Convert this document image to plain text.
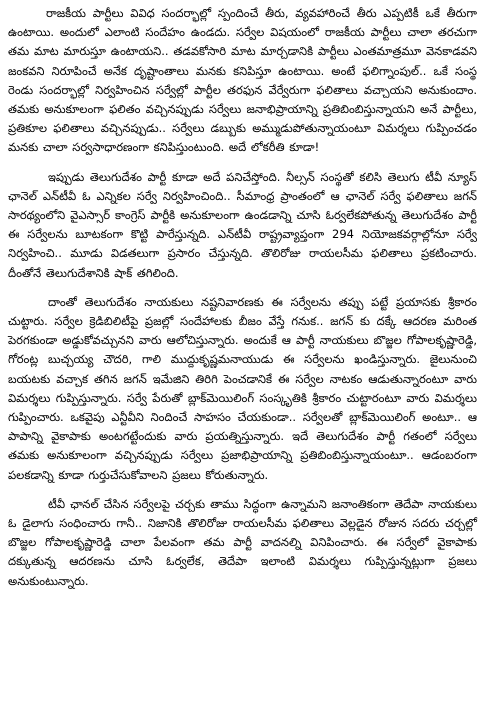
రాజకీయ పార్టీలు వివిధ సందర్భాల్లో స్పందించే తీరు, వ్యవహారించే తీరు ఎప్పటికీ ఒకే తీరుగా ఉంటాయి. అందులో ఎలాంటి సందేహం ఉండదు. సర్వేల విషయంలో రాజకీయ పార్టీలు చాలా తరచుగా తమ మాట మారుస్తూ ఉంటాయని.. తడవకోసారి మాట మార్చడానికి పార్టీలు ఎంతమాత్రమూ వెనకాడవని జంకవని నిరూపించే అనేక దృష్టాంతాలు మనకు కనిపిస్తూ ఉంటాయి. అంటే ఫలిగ్నాంపుల్.. ఒకే సంస్థ రెండు సందర్భాల్లో నిర్వహించిన సర్వేల్లో పార్టీల తరఫున వేర్వేరుగా ఫలితాలు వచ్చాయని అనుకుందాం. తమకు అనుకూలంగా ఫలితం వచ్చినప్పుడు సర్వేలు జనాభిప్రాయాన్ని ప్రతిబింబిస్తున్నాయని అనే పార్టీలు, ప్రతికూల ఫలితాలు వచ్చినప్పుడు.. సర్వేలు డబ్బుకు అమ్ముడుపోతున్నాయంటూ విమర్శలు గుప్పించడం మనకు చాలా సర్వసాధారణంగా కనిపిస్తుంటుంది. అదే లోకరీతి కూడా!

ఇప్పుడు తెలుగుదేశం పార్టీ కూడా అదే పనిచేస్తోంది. నీల్సన్ సంస్థతో కలిసి తెలుగు టీవీ న్యూస్ ఛానెల్ ఎన్‌టీవీ ఓ ఎన్నికల సర్వే నిర్వహించింది.. సీమాంధ్ర ప్రాంతంలో ఆ ఛానెల్ సర్వే ఫలితాలు జగన్ సారథ్యంలోని వైఎస్సార్ కాంగ్రెస్ పార్టీకి అనుకూలంగా ఉండడాన్ని చూసి ఓర్వలేకపోతున్న తెలుగుదేశం పార్టీ ఈ సర్వేలను బూటకంగా కొట్టి పారేస్తున్నది. ఎన్‌టీవీ రాష్ట్రవ్యాప్తంగా 294 నియోజకవర్గాల్లోనూ సర్వే నిర్వహించి.. మూడు విడతలుగా ప్రసారం చేస్తున్నది. తొలిరోజు రాయలసీమ ఫలితాలు ప్రకటించారు. దీంతోనే తెలుగుదేశానికి షాక్ తగిలింది.

దాంతో తెలుగుదేశం నాయకులు నష్టనివారణకు ఈ సర్వేలను తప్పు పట్టే ప్రయాసకు శ్రీకారం చుట్టారు. సర్వేల క్రెడిబిలిటీపై ప్రజల్లో సందేహాలకు బీజం వేస్తే గనుక.. జగన్ కు దక్కే ఆదరణ మరింత పెరగకుండా అడ్డుకోవచ్చునని వారు ఆలోచిస్తున్నారు. అందుకే ఆ పార్టీ నాయకులు బొజ్జల గోపాలకృష్ణారెడ్డి, గోరంట్ల బుచ్చయ్య చౌదరి, గాలి ముద్దుకృష్ణమనాయుడు ఈ సర్వేలను ఖండిస్తున్నారు. జైలునుంచి బయటకు వచ్చాక తగిన జగన్ ఇమేజిని తిరిగి పెంచడానికే ఈ సర్వేల నాటకం ఆడుతున్నారంటూ వారు విమర్శలు గుప్పిస్తున్నారు. సర్వే పేరుతో బ్లాక్‌మెయిలింగ్ సంస్కృతికి శ్రీకారం చుట్టారంటూ వారు విమర్శలు గుప్పించారు. ఒకవైపు ఎన్టీవీని నిందించే సాహసం చేయకుండా.. సర్వేలతో బ్లాక్‌మెయిలింగ్ అంటూ.. ఆ పాపాన్ని వైకాపాకు అంటగట్టేందుకు వారు ప్రయత్నిస్తున్నారు. ఇదే తెలుగుదేశం పార్టీ గతంలో సర్వేలు తమకు అనుకూలంగా వచ్చినప్పుడు సర్వేలు ప్రజాభిప్రాయాన్ని ప్రతిబింబిస్తున్నాయంటూ.. ఆడంబరంగా పలకడాన్ని కూడా గుర్తుచేసుకోవాలని ప్రజలు కోరుతున్నారు.

టీవీ ఛానల్ చేసిన సర్వేలపై చర్చకు తాము సిద్ధంగా ఉన్నామని జనాంతికంగా తెదేపా నాయకులు ఓ డైలాగు సంధించారు గానీ.. నిజానికి తొలిరోజు రాయలసీమ ఫలితాలు వెల్లడైన రోజున సదరు చర్చల్లో బొజ్జల గోపాలకృష్ణారెడ్డి చాలా పేలవంగా తమ పార్టీ వాదనల్ని వినిపించారు. ఈ సర్వేలో వైకాపాకు దక్కుతున్న ఆదరణను చూసి ఓర్వలేక, తెదేపా ఇలాంటి విమర్శలు గుప్పిస్తున్నట్లుగా ప్రజలు అనుకుంటున్నారు.
